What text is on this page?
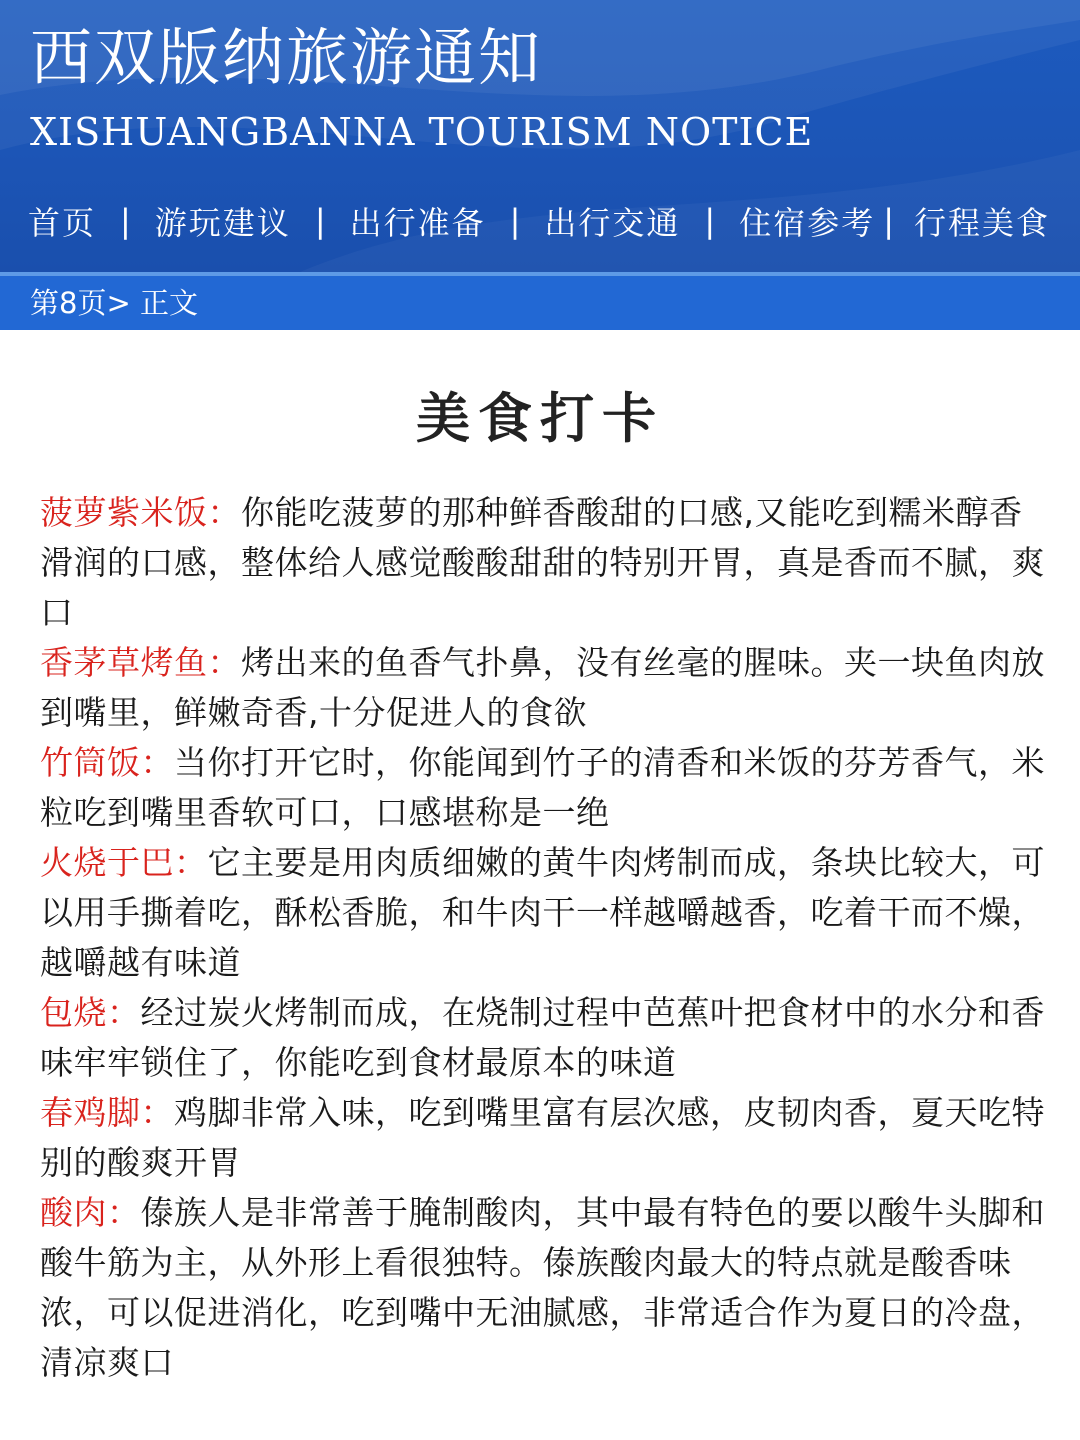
西双版纳旅游通知
XISHUANGBANNA TOURISM NOTICE
首页 | 游玩建议 | 出行准备 | 出行交通 | 住宿参考 | 行程美食
第8页> 正文
美食打卡

菠萝紫米饭：你能吃菠萝的那种鲜香酸甜的口感,又能吃到糯米醇香滑润的口感，整体给人感觉酸酸甜甜的特别开胃，真是香而不腻，爽口

香茅草烤鱼：烤出来的鱼香气扑鼻，没有丝毫的腥味。夹一块鱼肉放到嘴里，鲜嫩奇香,十分促进人的食欲

竹筒饭：当你打开它时，你能闻到竹子的清香和米饭的芬芳香气，米粒吃到嘴里香软可口，口感堪称是一绝

火烧于巴：它主要是用肉质细嫩的黄牛肉烤制而成，条块比较大，可以用手撕着吃，酥松香脆，和牛肉干一样越嚼越香，吃着干而不燥，越嚼越有味道

包烧：经过炭火烤制而成，在烧制过程中芭蕉叶把食材中的水分和香味牢牢锁住了，你能吃到食材最原本的味道

春鸡脚：鸡脚非常入味，吃到嘴里富有层次感，皮韧肉香，夏天吃特别的酸爽开胃

酸肉：傣族人是非常善于腌制酸肉，其中最有特色的要以酸牛头脚和酸牛筋为主，从外形上看很独特。傣族酸肉最大的特点就是酸香味浓，可以促进消化，吃到嘴中无油腻感，非常适合作为夏日的冷盘，清凉爽口
